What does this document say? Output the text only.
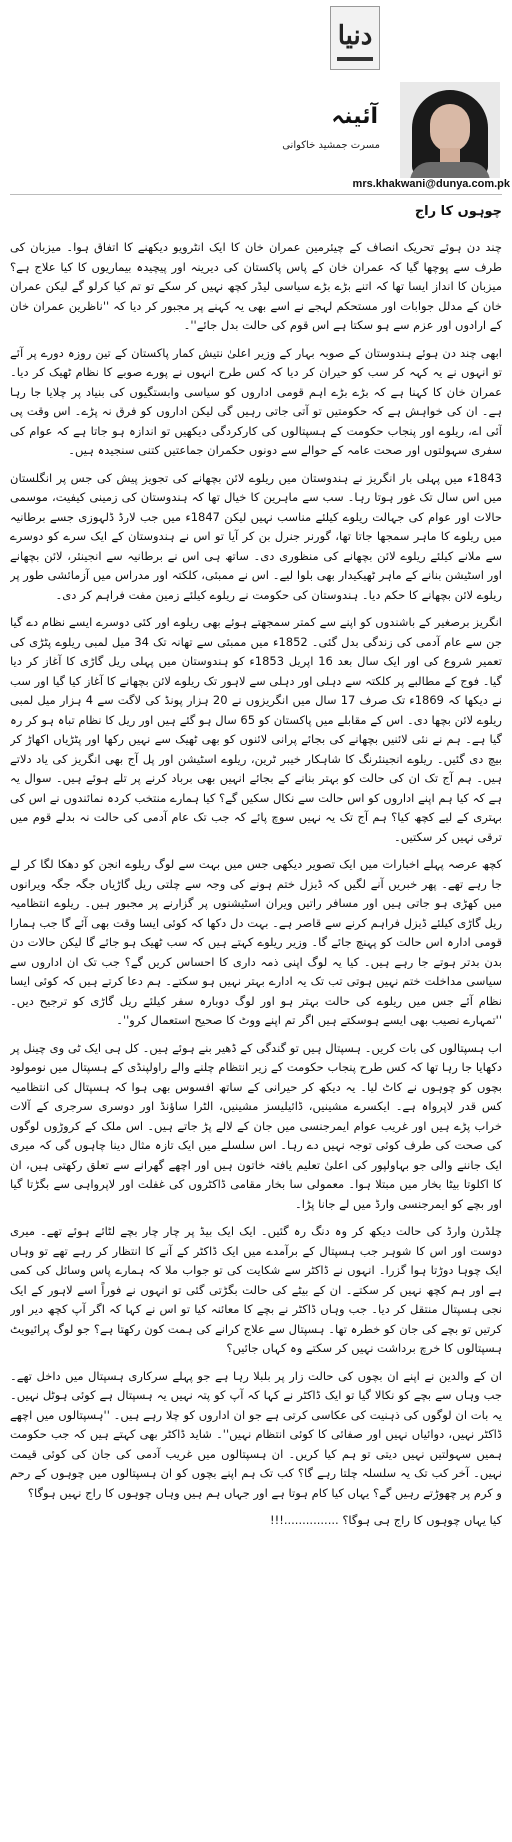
دنیا
آئینہ
مسرت جمشید خاکوانی
mrs.khakwani@dunya.com.pk
چوہوں کا راج

چند دن ہوئے تحریک انصاف کے چیئرمین عمران خان کا ایک انٹرویو دیکھنے کا اتفاق ہوا۔ میزبان کی طرف سے پوچھا گیا کہ عمران خان کے پاس پاکستان کی دیرینہ اور پیچیدہ بیماریوں کا کیا علاج ہے؟ میزبان کا انداز ایسا تھا کہ اتنے بڑے بڑے سیاسی لیڈر کچھ نہیں کر سکے تو تم کیا کرلو گے لیکن عمران خان کے مدلل جوابات اور مستحکم لہجے نے اسے بھی یہ کہنے پر مجبور کر دیا کہ ''ناظرین عمران خان کے ارادوں اور عزم سے ہو سکتا ہے اس قوم کی حالت بدل جائے''۔

ابھی چند دن ہوئے ہندوستان کے صوبہ بہار کے وزیر اعلیٰ نتیش کمار پاکستان کے تین روزہ دورے پر آئے تو انہوں نے یہ کہہ کر سب کو حیران کر دیا کہ کس طرح انہوں نے پورے صوبے کا نظام ٹھیک کر دیا۔ عمران خان کا کہنا ہے کہ بڑے بڑے اہم قومی اداروں کو سیاسی وابستگیوں کی بنیاد پر چلایا جا رہا ہے۔ ان کی خواہش ہے کہ حکومتیں تو آتی جاتی رہیں گی لیکن اداروں کو فرق نہ پڑے۔ اس وقت پی آئی اے، ریلوے اور پنجاب حکومت کے ہسپتالوں کی کارکردگی دیکھیں تو اندازہ ہو جاتا ہے کہ عوام کی سفری سہولتوں اور صحت عامہ کے حوالے سے دونوں حکمران جماعتیں کتنی سنجیدہ ہیں۔

1843ء میں پہلی بار انگریز نے ہندوستان میں ریلوے لائن بچھانے کی تجویز پیش کی جس پر انگلستان میں اس سال تک غور ہوتا رہا۔ سب سے ماہرین کا خیال تھا کہ ہندوستان کی زمینی کیفیت، موسمی حالات اور عوام کی جہالت ریلوے کیلئے مناسب نہیں لیکن 1847ء میں جب لارڈ ڈلہوزی جسے برطانیہ میں ریلوے کا ماہر سمجھا جاتا تھا، گورنر جنرل بن کر آیا تو اس نے ہندوستان کے ایک سرے کو دوسرے سے ملانے کیلئے ریلوے لائن بچھانے کی منظوری دی۔ ساتھ ہی اس نے برطانیہ سے انجینئر، لائن بچھانے اور اسٹیشن بنانے کے ماہر ٹھیکیدار بھی بلوا لیے۔ اس نے ممبئی، کلکتہ اور مدراس میں آزمائشی طور پر ریلوے لائن بچھانے کا حکم دیا۔ ہندوستان کی حکومت نے ریلوے کیلئے زمین مفت فراہم کر دی۔

انگریز برصغیر کے باشندوں کو اپنے سے کمتر سمجھتے ہوئے بھی ریلوے اور کئی دوسرے ایسے نظام دے گیا جن سے عام آدمی کی زندگی بدل گئی۔ 1852ء میں ممبئی سے تھانہ تک 34 میل لمبی ریلوے پٹڑی کی تعمیر شروع کی اور ایک سال بعد 16 اپریل 1853ء کو ہندوستان میں پہلی ریل گاڑی کا آغاز کر دیا گیا۔ فوج کے مطالبے پر کلکتہ سے دہلی اور دہلی سے لاہور تک ریلوے لائن بچھانے کا آغاز کیا گیا اور سب نے دیکھا کہ 1869ء تک صرف 17 سال میں انگریزوں نے 20 ہزار پونڈ کی لاگت سے 4 ہزار میل لمبی ریلوے لائن بچھا دی۔ اس کے مقابلے میں پاکستان کو 65 سال ہو گئے ہیں اور ریل کا نظام تباہ ہو کر رہ گیا ہے۔ ہم نے نئی لائنیں بچھانے کی بجائے پرانی لائنوں کو بھی ٹھیک سے نہیں رکھا اور پٹڑیاں اکھاڑ کر بیچ دی گئیں۔ ریلوے انجینئرنگ کا شاہکار خیبر ٹرین، ریلوے اسٹیشن اور پل آج بھی انگریز کی یاد دلاتے ہیں۔ ہم آج تک ان کی حالت کو بہتر بنانے کے بجائے انہیں بھی برباد کرنے پر تلے ہوئے ہیں۔ سوال یہ ہے کہ کیا ہم اپنے اداروں کو اس حالت سے نکال سکیں گے؟ کیا ہمارے منتخب کردہ نمائندوں نے اس کی بہتری کے لیے کچھ کیا؟ ہم آج تک یہ نہیں سوچ پائے کہ جب تک عام آدمی کی حالت نہ بدلے قوم میں ترقی نہیں کر سکتیں۔

کچھ عرصہ پہلے اخبارات میں ایک تصویر دیکھی جس میں بہت سے لوگ ریلوے انجن کو دھکا لگا کر لے جا رہے تھے۔ پھر خبریں آنے لگیں کہ ڈیزل ختم ہونے کی وجہ سے چلتی ریل گاڑیاں جگہ جگہ ویرانوں میں کھڑی ہو جاتی ہیں اور مسافر راتیں ویران اسٹیشنوں پر گزارنے پر مجبور ہیں۔ ریلوے انتظامیہ ریل گاڑی کیلئے ڈیزل فراہم کرنے سے قاصر ہے۔ بہت دل دکھا کہ کوئی ایسا وقت بھی آئے گا جب ہمارا قومی ادارہ اس حالت کو پہنچ جائے گا۔ وزیر ریلوے کہتے ہیں کہ سب ٹھیک ہو جائے گا لیکن حالات دن بدن بدتر ہوتے جا رہے ہیں۔ کیا یہ لوگ اپنی ذمہ داری کا احساس کریں گے؟ جب تک ان اداروں سے سیاسی مداخلت ختم نہیں ہوتی تب تک یہ ادارے بہتر نہیں ہو سکتے۔ ہم دعا کرتے ہیں کہ کوئی ایسا نظام آئے جس میں ریلوے کی حالت بہتر ہو اور لوگ دوبارہ سفر کیلئے ریل گاڑی کو ترجیح دیں۔ ''تمہارے نصیب بھی ایسے ہوسکتے ہیں اگر تم اپنے ووٹ کا صحیح استعمال کرو''۔

اب ہسپتالوں کی بات کریں۔ ہسپتال ہیں تو گندگی کے ڈھیر بنے ہوئے ہیں۔ کل ہی ایک ٹی وی چینل پر دکھایا جا رہا تھا کہ کس طرح پنجاب حکومت کے زیر انتظام چلنے والے راولپنڈی کے ہسپتال میں نومولود بچوں کو چوہوں نے کاٹ لیا۔ یہ دیکھ کر حیرانی کے ساتھ افسوس بھی ہوا کہ ہسپتال کی انتظامیہ کس قدر لاپرواہ ہے۔ ایکسرے مشینیں، ڈائیلیسز مشینیں، الٹرا ساؤنڈ اور دوسری سرجری کے آلات خراب پڑے ہیں اور غریب عوام ایمرجنسی میں جان کے لالے پڑ جاتے ہیں۔ اس ملک کے کروڑوں لوگوں کی صحت کی طرف کوئی توجہ نہیں دے رہا۔ اس سلسلے میں ایک تازہ مثال دینا چاہوں گی کہ میری ایک جاننے والی جو بہاولپور کی اعلیٰ تعلیم یافتہ خاتون ہیں اور اچھے گھرانے سے تعلق رکھتی ہیں، ان کا اکلوتا بیٹا بخار میں مبتلا ہوا۔ معمولی سا بخار مقامی ڈاکٹروں کی غفلت اور لاپرواہی سے بگڑتا گیا اور بچے کو ایمرجنسی وارڈ میں لے جانا پڑا۔

چلڈرن وارڈ کی حالت دیکھ کر وہ دنگ رہ گئیں۔ ایک ایک بیڈ پر چار چار بچے لٹائے ہوئے تھے۔ میری دوست اور اس کا شوہر جب ہسپتال کے برآمدے میں ایک ڈاکٹر کے آنے کا انتظار کر رہے تھے تو وہاں ایک چوہا دوڑتا ہوا گزرا۔ انہوں نے ڈاکٹر سے شکایت کی تو جواب ملا کہ ہمارے پاس وسائل کی کمی ہے اور ہم کچھ نہیں کر سکتے۔ ان کے بیٹے کی حالت بگڑتی گئی تو انہوں نے فوراً اسے لاہور کے ایک نجی ہسپتال منتقل کر دیا۔ جب وہاں ڈاکٹر نے بچے کا معائنہ کیا تو اس نے کہا کہ اگر آپ کچھ دیر اور کرتیں تو بچے کی جان کو خطرہ تھا۔ ہسپتال سے علاج کرانے کی ہمت کون رکھتا ہے؟ جو لوگ پرائیویٹ ہسپتالوں کا خرچ برداشت نہیں کر سکتے وہ کہاں جائیں؟

ان کے والدین نے اپنے ان بچوں کی حالت زار پر بلبلا رہا ہے جو پہلے سرکاری ہسپتال میں داخل تھے۔ جب وہاں سے بچے کو نکالا گیا تو ایک ڈاکٹر نے کہا کہ آپ کو پتہ نہیں یہ ہسپتال ہے کوئی ہوٹل نہیں۔ یہ بات ان لوگوں کی ذہنیت کی عکاسی کرتی ہے جو ان اداروں کو چلا رہے ہیں۔ ''ہسپتالوں میں اچھے ڈاکٹر نہیں، دوائیاں نہیں اور صفائی کا کوئی انتظام نہیں''۔ شاید ڈاکٹر بھی کہتے ہیں کہ جب حکومت ہمیں سہولتیں نہیں دیتی تو ہم کیا کریں۔ ان ہسپتالوں میں غریب آدمی کی جان کی کوئی قیمت نہیں۔ آخر کب تک یہ سلسلہ چلتا رہے گا؟ کب تک ہم اپنے بچوں کو ان ہسپتالوں میں چوہوں کے رحم و کرم پر چھوڑتے رہیں گے؟ یہاں کیا کام ہوتا ہے اور جہاں ہم ہیں وہاں چوہوں کا راج نہیں ہوگا؟

کیا یہاں چوہوں کا راج ہی ہوگا؟ ...............!!!
